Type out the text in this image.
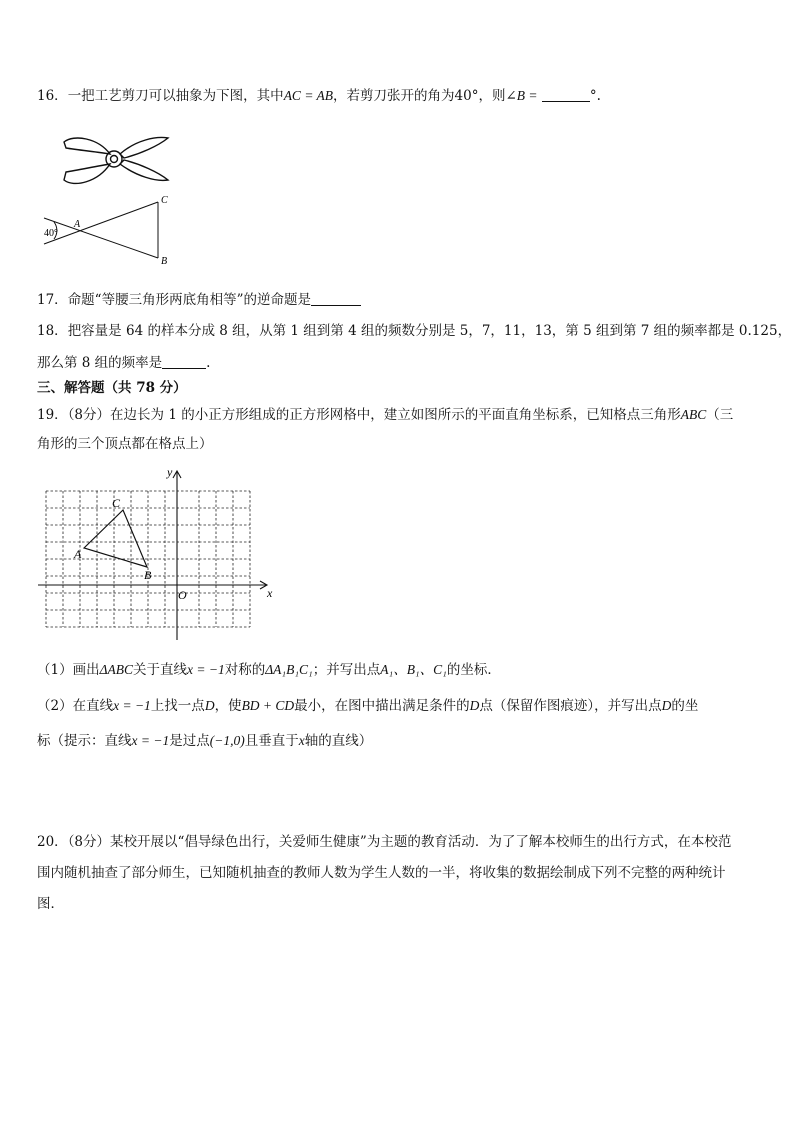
16．一把工艺剪刀可以抽象为下图，其中AC = AB，若剪刀张开的角为40°，则∠B =	°.
A
C
B
40°
17．命题“等腰三角形两底角相等”的逆命题是
18．把容量是 64 的样本分成 8 组，从第 1 组到第 4 组的频数分别是 5，7，11，13，第 5 组到第 7 组的频率都是 0.125，
那么第 8 组的频率是	.
三、解答题（共 78 分）
19．（8分）在边长为 1 的小正方形组成的正方形网格中，建立如图所示的平面直角坐标系，已知格点三角形ABC（三
角形的三个顶点都在格点上）
x
y
O
A
C
B
（1）画出ΔABC关于直线x = −1对称的ΔA₁B₁C₁；并写出点A₁、B₁、C₁的坐标．
（2）在直线x = −1上找一点D，使BD + CD最小，在图中描出满足条件的D点（保留作图痕迹），并写出点D的坐
标（提示：直线x = −1是过点(−1,0)且垂直于x轴的直线）
20．（8分）某校开展以“倡导绿色出行，关爱师生健康”为主题的教育活动．为了了解本校师生的出行方式，在本校范
围内随机抽查了部分师生，已知随机抽查的教师人数为学生人数的一半，将收集的数据绘制成下列不完整的两种统计
图．
